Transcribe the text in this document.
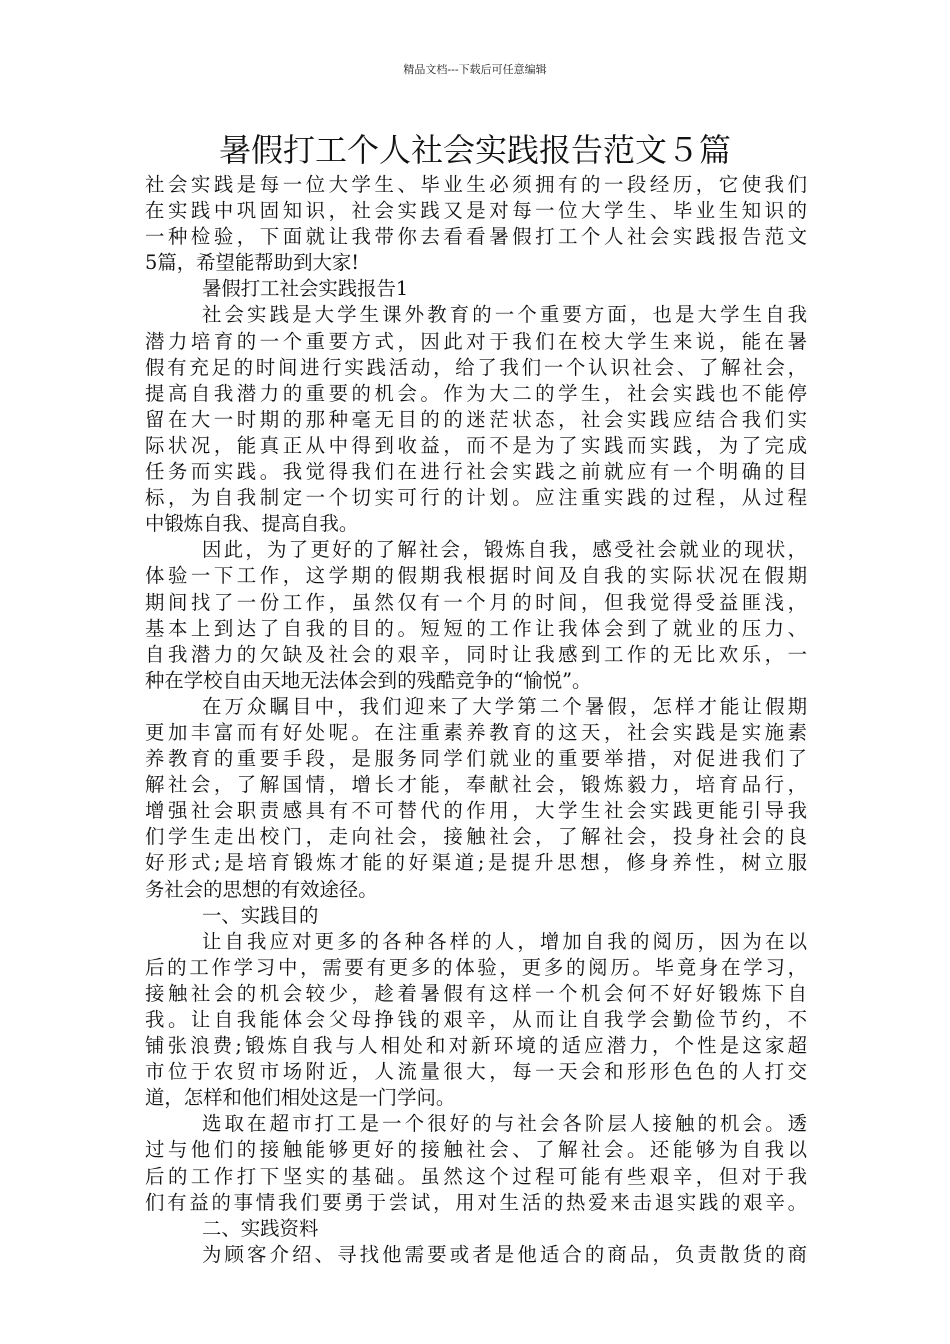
精品文档---下载后可任意编辑
暑假打工个人社会实践报告范文５篇
社会实践是每一位大学生、毕业生必须拥有的一段经历，它使我们
在实践中巩固知识，社会实践又是对每一位大学生、毕业生知识的
一种检验，下面就让我带你去看看暑假打工个人社会实践报告范文
5篇，希望能帮助到大家!
暑假打工社会实践报告1
社会实践是大学生课外教育的一个重要方面，也是大学生自我
潜力培育的一个重要方式，因此对于我们在校大学生来说，能在暑
假有充足的时间进行实践活动，给了我们一个认识社会、了解社会，
提高自我潜力的重要的机会。作为大二的学生，社会实践也不能停
留在大一时期的那种毫无目的的迷茫状态，社会实践应结合我们实
际状况，能真正从中得到收益，而不是为了实践而实践，为了完成
任务而实践。我觉得我们在进行社会实践之前就应有一个明确的目
标，为自我制定一个切实可行的计划。应注重实践的过程，从过程
中锻炼自我、提高自我。
因此，为了更好的了解社会，锻炼自我，感受社会就业的现状，
体验一下工作，这学期的假期我根据时间及自我的实际状况在假期
期间找了一份工作，虽然仅有一个月的时间，但我觉得受益匪浅，
基本上到达了自我的目的。短短的工作让我体会到了就业的压力、
自我潜力的欠缺及社会的艰辛，同时让我感到工作的无比欢乐，一
种在学校自由天地无法体会到的残酷竞争的“愉悦”。
在万众瞩目中，我们迎来了大学第二个暑假，怎样才能让假期
更加丰富而有好处呢。在注重素养教育的这天，社会实践是实施素
养教育的重要手段，是服务同学们就业的重要举措，对促进我们了
解社会，了解国情，增长才能，奉献社会，锻炼毅力，培育品行，
增强社会职责感具有不可替代的作用，大学生社会实践更能引导我
们学生走出校门，走向社会，接触社会，了解社会，投身社会的良
好形式;是培育锻炼才能的好渠道;是提升思想，修身养性，树立服
务社会的思想的有效途径。
一、实践目的
让自我应对更多的各种各样的人，增加自我的阅历，因为在以
后的工作学习中，需要有更多的体验，更多的阅历。毕竟身在学习，
接触社会的机会较少，趁着暑假有这样一个机会何不好好锻炼下自
我。让自我能体会父母挣钱的艰辛，从而让自我学会勤俭节约，不
铺张浪费;锻炼自我与人相处和对新环境的适应潜力，个性是这家超
市位于农贸市场附近，人流量很大，每一天会和形形色色的人打交
道，怎样和他们相处这是一门学问。
选取在超市打工是一个很好的与社会各阶层人接触的机会。透
过与他们的接触能够更好的接触社会、了解社会。还能够为自我以
后的工作打下坚实的基础。虽然这个过程可能有些艰辛，但对于我
们有益的事情我们要勇于尝试，用对生活的热爱来击退实践的艰辛。
二、实践资料
为顾客介绍、寻找他需要或者是他适合的商品，负责散货的商
